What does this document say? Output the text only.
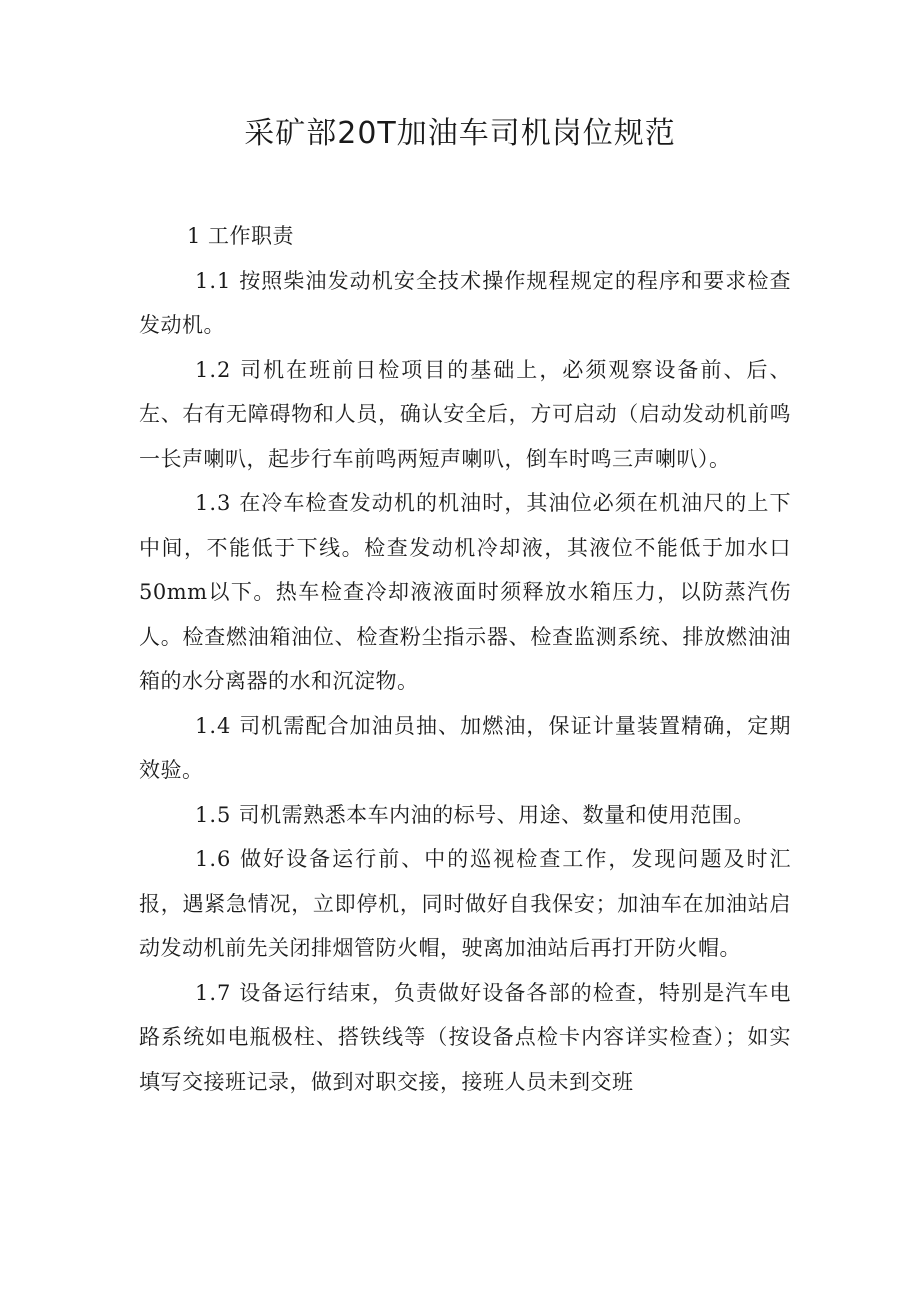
采矿部20T加油车司机岗位规范

1 工作职责

1.1 按照柴油发动机安全技术操作规程规定的程序和要求检查发动机。

1.2 司机在班前日检项目的基础上，必须观察设备前、后、左、右有无障碍物和人员，确认安全后，方可启动（启动发动机前鸣一长声喇叭，起步行车前鸣两短声喇叭，倒车时鸣三声喇叭）。

1.3 在冷车检查发动机的机油时，其油位必须在机油尺的上下中间，不能低于下线。检查发动机冷却液，其液位不能低于加水口50mm以下。热车检查冷却液液面时须释放水箱压力，以防蒸汽伤人。检查燃油箱油位、检查粉尘指示器、检查监测系统、排放燃油油箱的水分离器的水和沉淀物。

1.4 司机需配合加油员抽、加燃油，保证计量装置精确，定期效验。

1.5 司机需熟悉本车内油的标号、用途、数量和使用范围。

1.6 做好设备运行前、中的巡视检查工作，发现问题及时汇报，遇紧急情况，立即停机，同时做好自我保安；加油车在加油站启动发动机前先关闭排烟管防火帽，驶离加油站后再打开防火帽。

1.7 设备运行结束，负责做好设备各部的检查，特别是汽车电路系统如电瓶极柱、搭铁线等（按设备点检卡内容详实检查）；如实填写交接班记录，做到对职交接，接班人员未到交班
